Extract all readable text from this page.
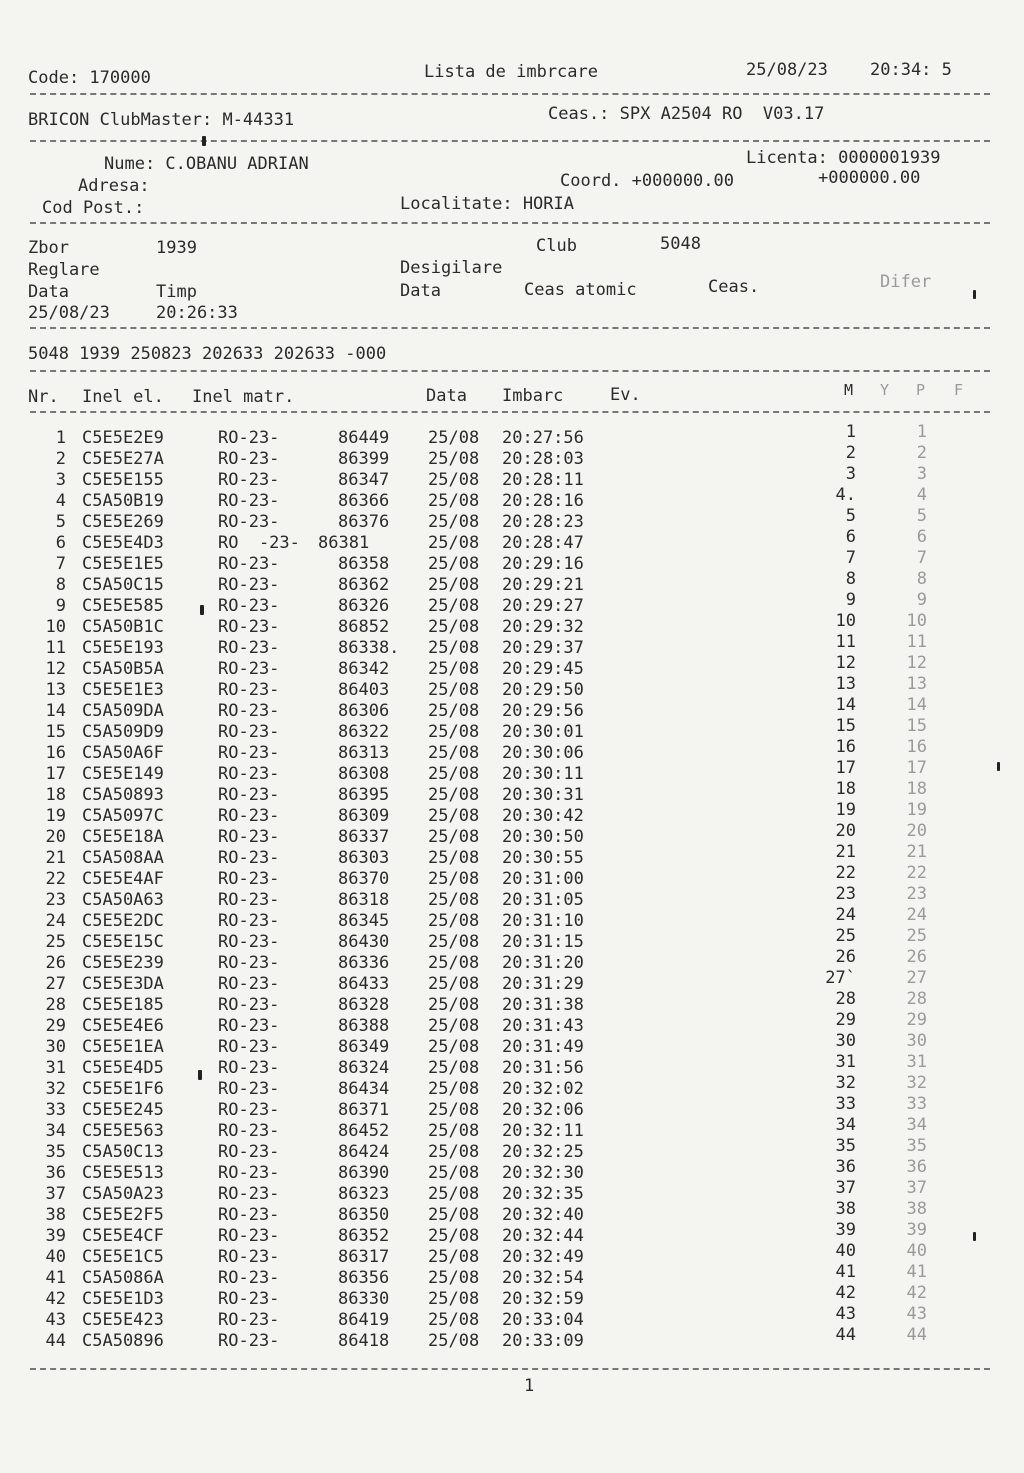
Code: 170000	Lista de imbrcare	25/08/23 20:34: 5
BRICON ClubMaster: M-44331	Ceas.: SPX A2504 RO  V03.17
Nume: C.OBANU ADRIAN	Licenta: 0000001939
Adresa:	Coord. +000000.00	+000000.00
Cod Post.:	Localitate: HORIA
Zbor	1939	Club	5048
Reglare	Desigilare
Data	Timp	Data	Ceas atomic	Ceas.	Difer
25/08/23	20:26:33
5048 1939 250823 202633 202633 -000
Nr. Inel el. Inel matr.	Data Imbarc	Ev.	M Y P F
1 C5E5E2E9	RO-23-	86449 25/08 20:27:56	1	1
2 C5E5E27A	RO-23-	86399 25/08 20:28:03	2	2
3 C5E5E155	RO-23-	86347 25/08 20:28:11	3	3
4 C5A50B19	RO-23-	86366 25/08 20:28:16	4.	4
5 C5E5E269	RO-23-	86376 25/08 20:28:23	5	5
6 C5E5E4D3	RO  -23- 86381	25/08 20:28:47	6	6
7 C5E5E1E5	RO-23-	86358 25/08 20:29:16	7	7
8 C5A50C15	RO-23-	86362 25/08 20:29:21	8	8
9 C5E5E585	RO-23-	86326 25/08 20:29:27	9	9
10 C5A50B1C	RO-23-	86852 25/08 20:29:32	10	10
11 C5E5E193	RO-23-	86338. 25/08 20:29:37	11	11
12 C5A50B5A	RO-23-	86342 25/08 20:29:45	12	12
13 C5E5E1E3	RO-23-	86403 25/08 20:29:50	13	13
14 C5A509DA	RO-23-	86306 25/08 20:29:56	14	14
15 C5A509D9	RO-23-	86322 25/08 20:30:01	15	15
16 C5A50A6F	RO-23-	86313 25/08 20:30:06	16	16
17 C5E5E149	RO-23-	86308 25/08 20:30:11	17	17
18 C5A50893	RO-23-	86395 25/08 20:30:31	18	18
19 C5A5097C	RO-23-	86309 25/08 20:30:42	19	19
20 C5E5E18A	RO-23-	86337 25/08 20:30:50	20	20
21 C5A508AA	RO-23-	86303 25/08 20:30:55	21	21
22 C5E5E4AF	RO-23-	86370 25/08 20:31:00	22	22
23 C5A50A63	RO-23-	86318 25/08 20:31:05	23	23
24 C5E5E2DC	RO-23-	86345 25/08 20:31:10	24	24
25 C5E5E15C	RO-23-	86430 25/08 20:31:15	25	25
26 C5E5E239	RO-23-	86336 25/08 20:31:20	26	26
27 C5E5E3DA	RO-23-	86433 25/08 20:31:29	27`	27
28 C5E5E185	RO-23-	86328 25/08 20:31:38	28	28
29 C5E5E4E6	RO-23-	86388 25/08 20:31:43	29	29
30 C5E5E1EA	RO-23-	86349 25/08 20:31:49	30	30
31 C5E5E4D5	RO-23-	86324 25/08 20:31:56	31	31
32 C5E5E1F6	RO-23-	86434 25/08 20:32:02	32	32
33 C5E5E245	RO-23-	86371 25/08 20:32:06	33	33
34 C5E5E563	RO-23-	86452 25/08 20:32:11	34	34
35 C5A50C13	RO-23-	86424 25/08 20:32:25	35	35
36 C5E5E513	RO-23-	86390 25/08 20:32:30	36	36
37 C5A50A23	RO-23-	86323 25/08 20:32:35	37	37
38 C5E5E2F5	RO-23-	86350 25/08 20:32:40	38	38
39 C5E5E4CF	RO-23-	86352 25/08 20:32:44	39	39
40 C5E5E1C5	RO-23-	86317 25/08 20:32:49	40	40
41 C5A5086A	RO-23-	86356 25/08 20:32:54	41	41
42 C5E5E1D3	RO-23-	86330 25/08 20:32:59	42	42
43 C5E5E423	RO-23-	86419 25/08 20:33:04	43	43
44 C5A50896	RO-23-	86418 25/08 20:33:09	44	44
1
